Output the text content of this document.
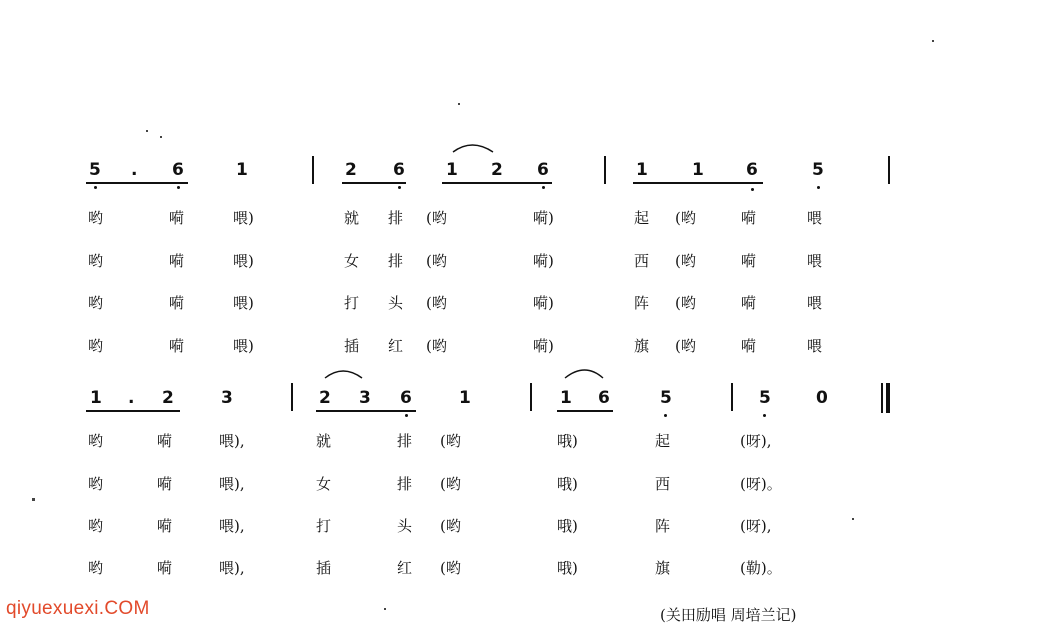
5 . 6	1	2 6 1 2 6	1	1 6	5
哟	嗬	喂)	就 排 (哟	嗬)	起 (哟	嗬	喂
哟	嗬	喂)	女 排 (哟	嗬)	西 (哟	嗬	喂
哟	嗬	喂)	打 头 (哟	嗬)	阵 (哟	嗬	喂
哟	嗬	喂)	插 红 (哟	嗬)	旗 (哟	嗬	喂
1 . 2	3	2 3 6	1	1 6	5	5	0
哟	嗬	喂),	就	排 (哟	哦)	起	(呀),
哟	嗬	喂),	女	排 (哟	哦)	西	(呀)。
哟	嗬	喂),	打	头 (哟	哦)	阵	(呀),
哟	嗬	喂),	插	红 (哟	哦)	旗	(勒)。
(关田励唱 周培兰记)
qiyuexuexi.COM
